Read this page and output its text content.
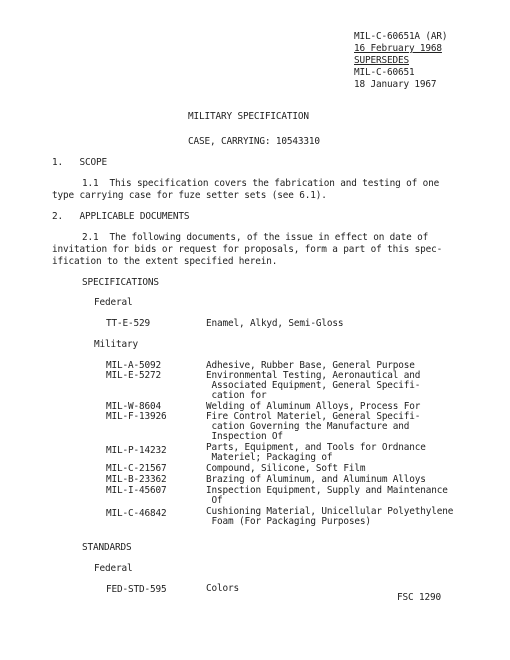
MIL-C-60651A (AR)
16 February 1968
SUPERSEDES
MIL-C-60651
18 January 1967
MILITARY SPECIFICATION
CASE, CARRYING: 10543310
1.   SCOPE
1.1  This specification covers the fabrication and testing of one
type carrying case for fuze setter sets (see 6.1).
2.   APPLICABLE DOCUMENTS
2.1  The following documents, of the issue in effect on date of
invitation for bids or request for proposals, form a part of this spec-
ification to the extent specified herein.
SPECIFICATIONS
Federal
TT-E-529	Enamel, Alkyd, Semi-Gloss
Military
MIL-A-5092	Adhesive, Rubber Base, General Purpose
MIL-E-5272	Environmental Testing, Aeronautical and
Associated Equipment, General Specifi-
cation for
MIL-W-8604	Welding of Aluminum Alloys, Process For
MIL-F-13926	Fire Control Materiel, General Specifi-
cation Governing the Manufacture and
Inspection Of
MIL-P-14232	Parts, Equipment, and Tools for Ordnance
Materiel; Packaging of
MIL-C-21567	Compound, Silicone, Soft Film
MIL-B-23362	Brazing of Aluminum, and Aluminum Alloys
MIL-I-45607	Inspection Equipment, Supply and Maintenance
Of
MIL-C-46842	Cushioning Material, Unicellular Polyethylene
Foam (For Packaging Purposes)
STANDARDS
Federal
FED-STD-595	Colors
FSC 1290
